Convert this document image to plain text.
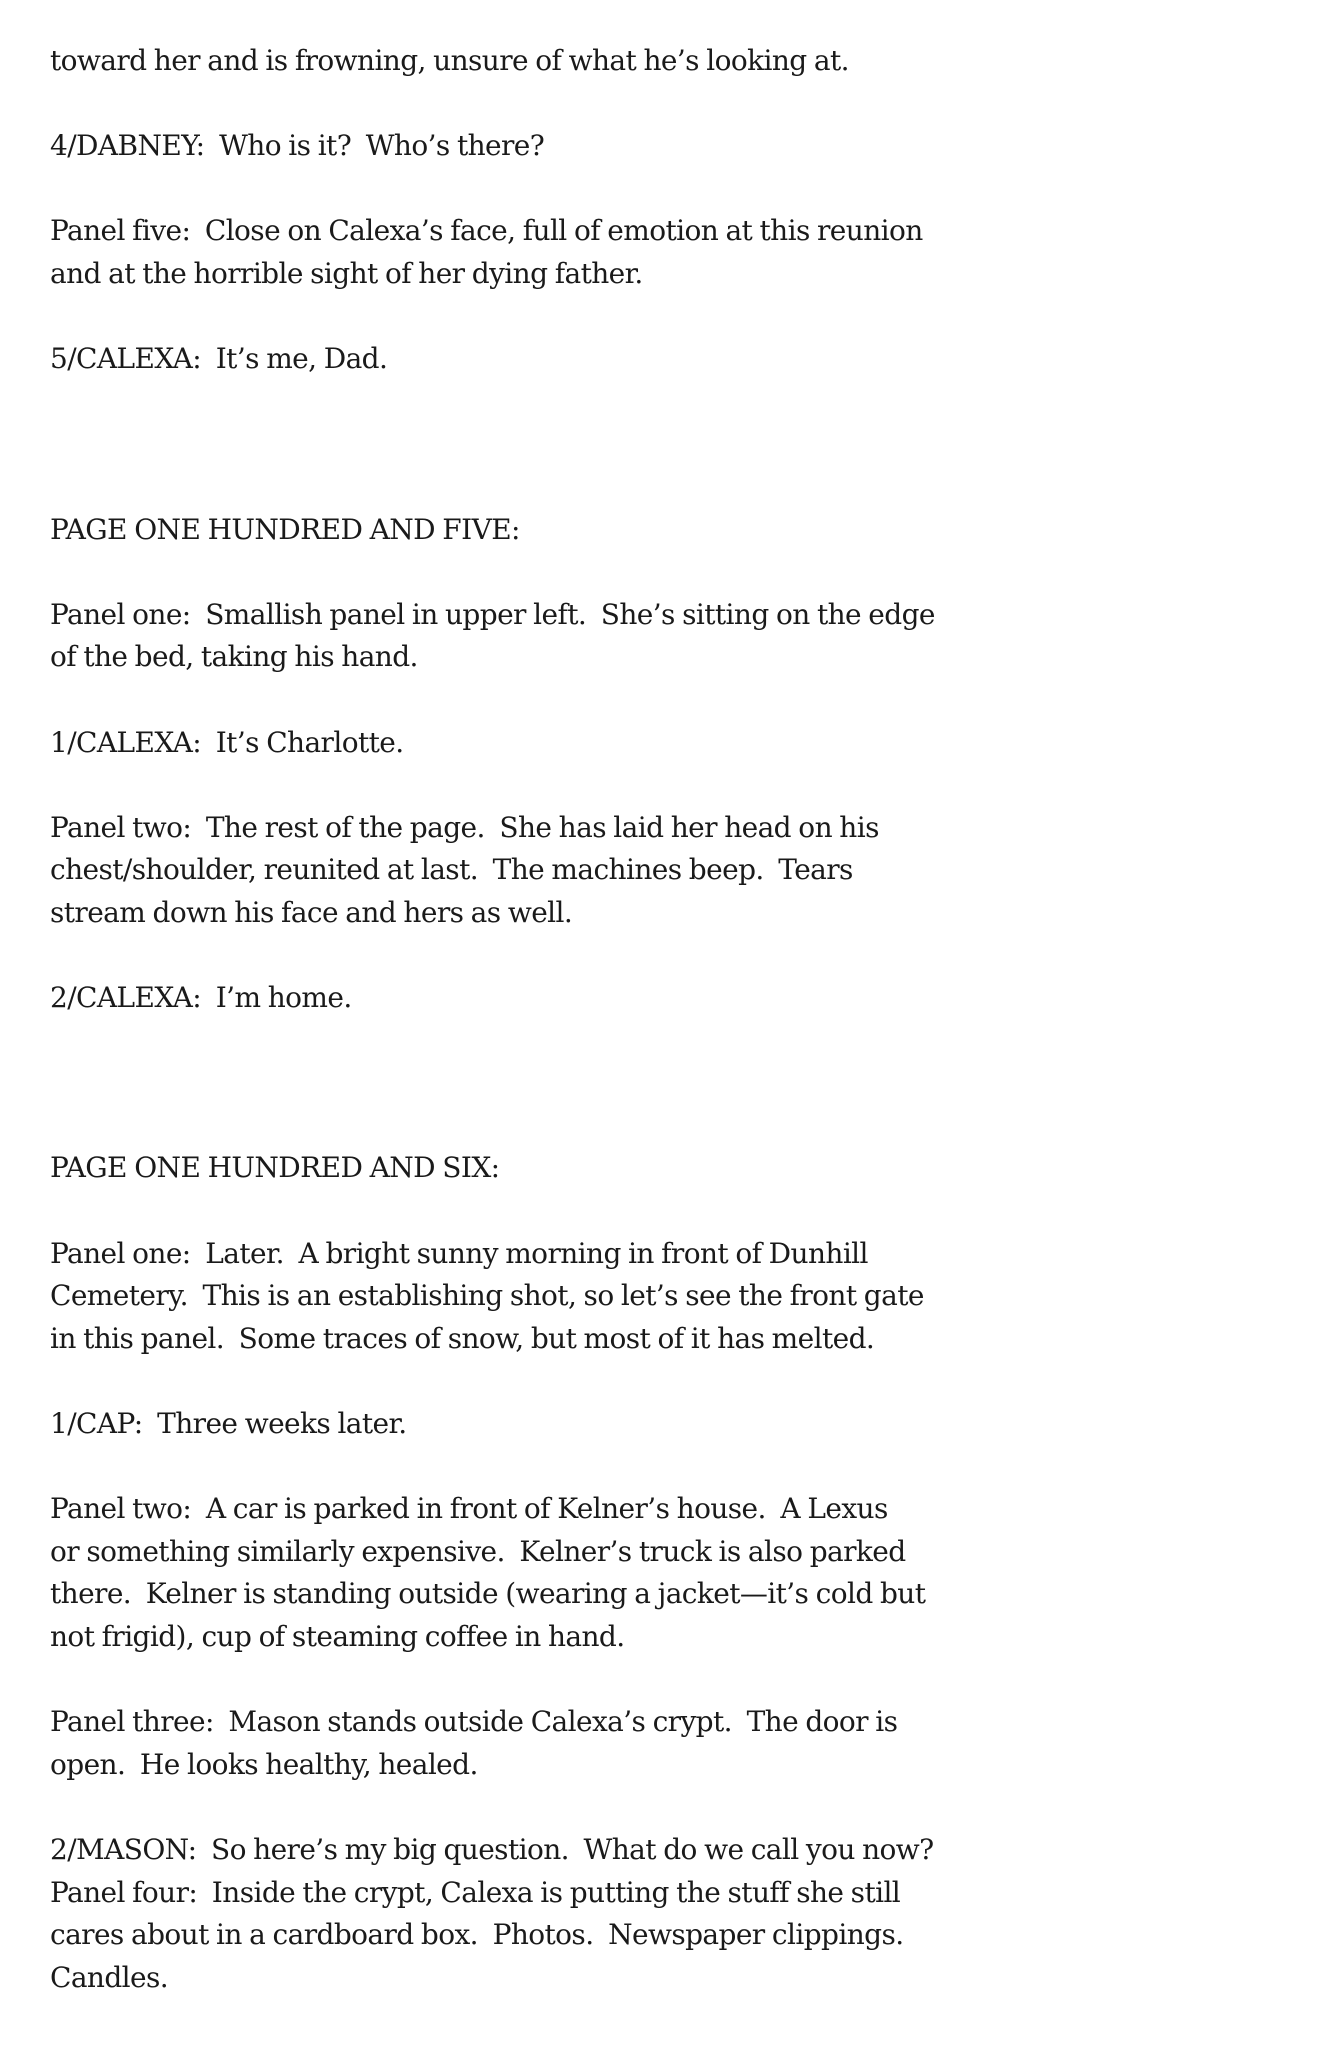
toward her and is frowning, unsure of what he’s looking at.
4/DABNEY:  Who is it?  Who’s there?
Panel five:  Close on Calexa’s face, full of emotion at this reunion
and at the horrible sight of her dying father.
5/CALEXA:  It’s me, Dad.
PAGE ONE HUNDRED AND FIVE:
Panel one:  Smallish panel in upper left.  She’s sitting on the edge
of the bed, taking his hand.
1/CALEXA:  It’s Charlotte.
Panel two:  The rest of the page.  She has laid her head on his
chest/shoulder, reunited at last.  The machines beep.  Tears
stream down his face and hers as well.
2/CALEXA:  I’m home.
PAGE ONE HUNDRED AND SIX:
Panel one:  Later.  A bright sunny morning in front of Dunhill
Cemetery.  This is an establishing shot, so let’s see the front gate
in this panel.  Some traces of snow, but most of it has melted.
1/CAP:  Three weeks later.
Panel two:  A car is parked in front of Kelner’s house.  A Lexus
or something similarly expensive.  Kelner’s truck is also parked
there.  Kelner is standing outside (wearing a jacket—it’s cold but
not frigid), cup of steaming coffee in hand.
Panel three:  Mason stands outside Calexa’s crypt.  The door is
open.  He looks healthy, healed.
2/MASON:  So here’s my big question.  What do we call you now?
Panel four:  Inside the crypt, Calexa is putting the stuff she still
cares about in a cardboard box.  Photos.  Newspaper clippings.
Candles.
